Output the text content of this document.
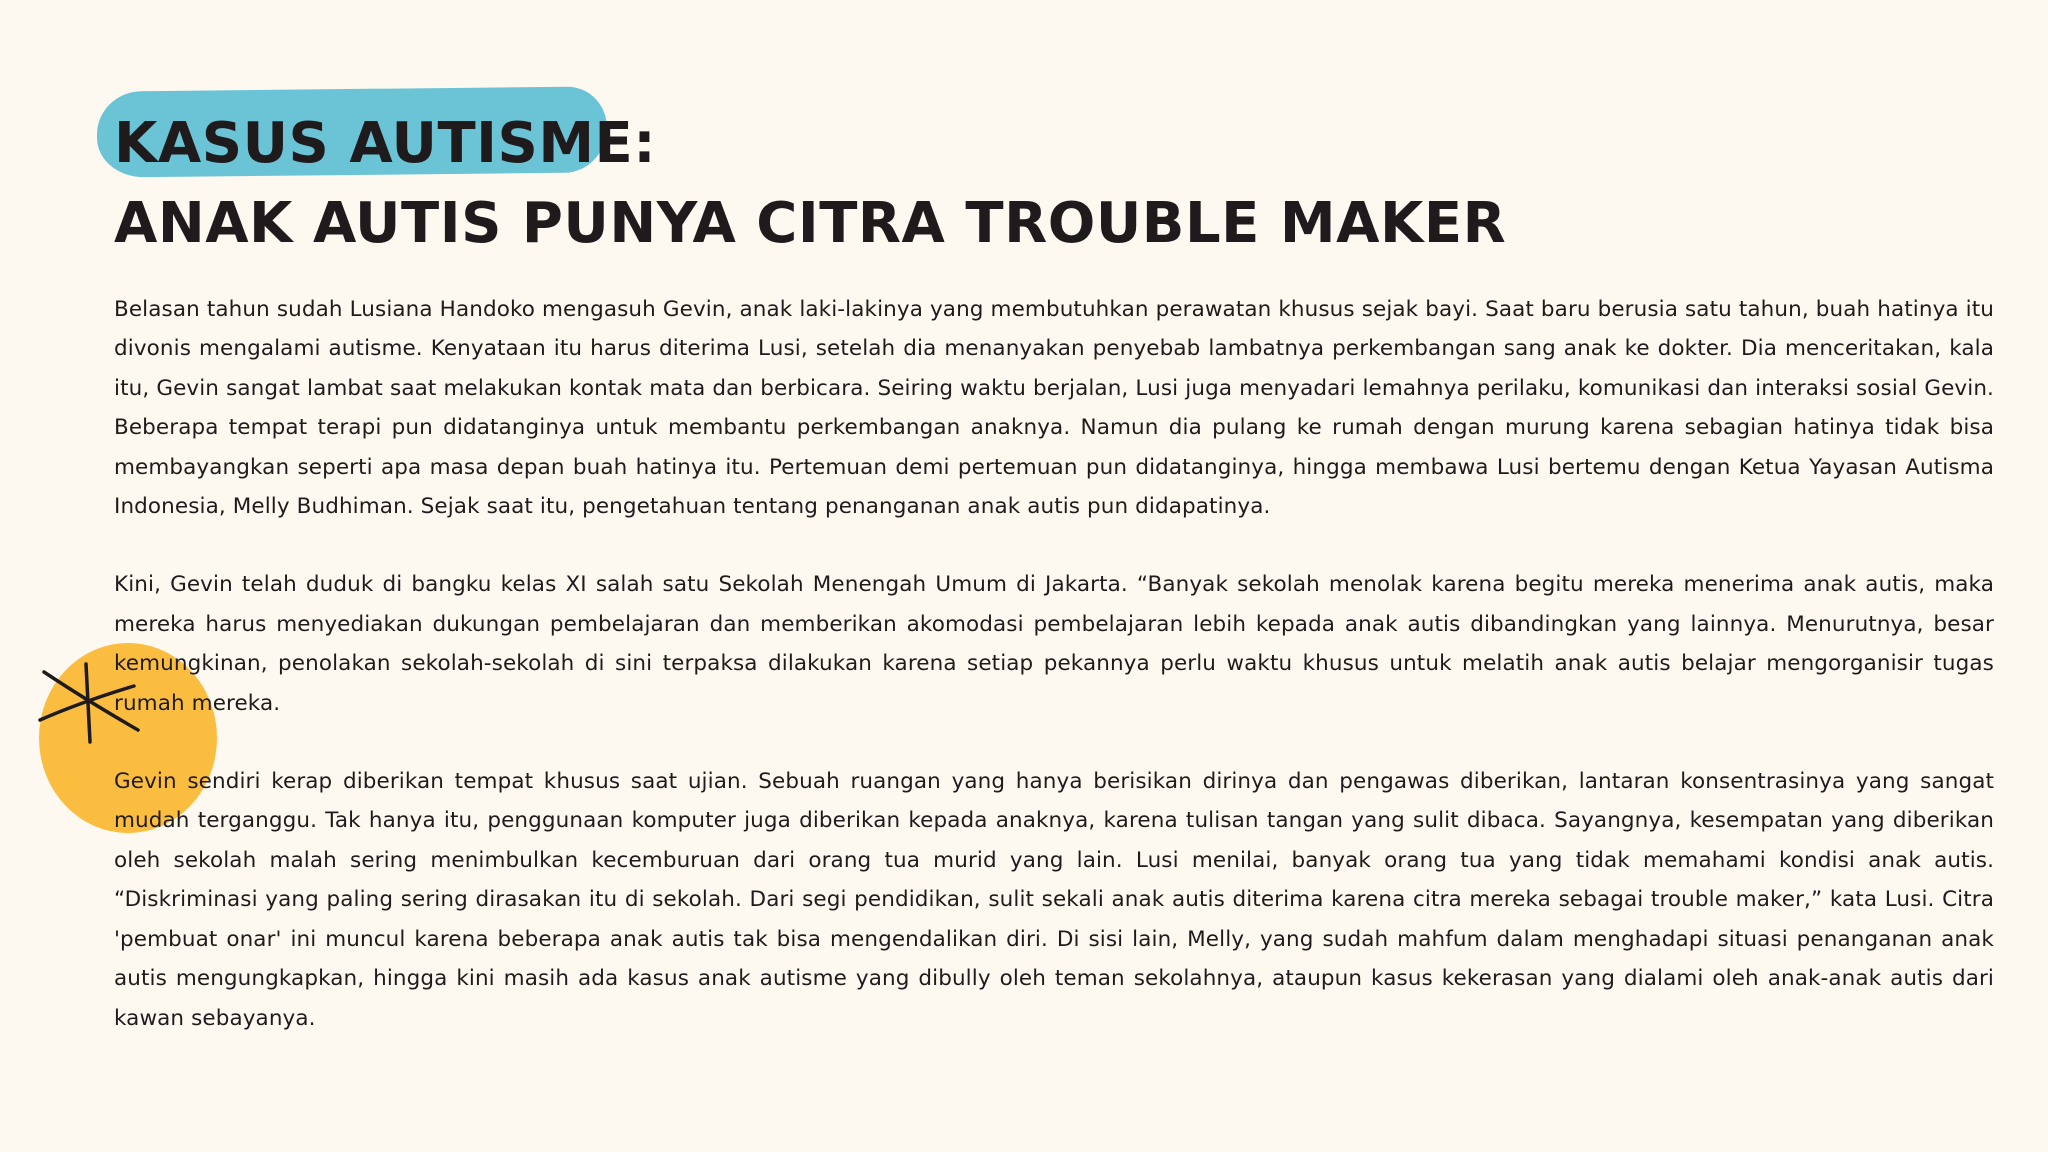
KASUS AUTISME:
ANAK AUTIS PUNYA CITRA TROUBLE MAKER

Belasan tahun sudah Lusiana Handoko mengasuh Gevin, anak laki-lakinya yang membutuhkan perawatan khusus sejak bayi. Saat baru berusia satu tahun, buah hatinya itu divonis mengalami autisme. Kenyataan itu harus diterima Lusi, setelah dia menanyakan penyebab lambatnya perkembangan sang anak ke dokter. Dia menceritakan, kala itu, Gevin sangat lambat saat melakukan kontak mata dan berbicara. Seiring waktu berjalan, Lusi juga menyadari lemahnya perilaku, komunikasi dan interaksi sosial Gevin. Beberapa tempat terapi pun didatanginya untuk membantu perkembangan anaknya. Namun dia pulang ke rumah dengan murung karena sebagian hatinya tidak bisa membayangkan seperti apa masa depan buah hatinya itu. Pertemuan demi pertemuan pun didatanginya, hingga membawa Lusi bertemu dengan Ketua Yayasan Autisma Indonesia, Melly Budhiman. Sejak saat itu, pengetahuan tentang penanganan anak autis pun didapatinya.

Kini, Gevin telah duduk di bangku kelas XI salah satu Sekolah Menengah Umum di Jakarta. “Banyak sekolah menolak karena begitu mereka menerima anak autis, maka mereka harus menyediakan dukungan pembelajaran dan memberikan akomodasi pembelajaran lebih kepada anak autis dibandingkan yang lainnya. Menurutnya, besar kemungkinan, penolakan sekolah-sekolah di sini terpaksa dilakukan karena setiap pekannya perlu waktu khusus untuk melatih anak autis belajar mengorganisir tugas rumah mereka.

Gevin sendiri kerap diberikan tempat khusus saat ujian. Sebuah ruangan yang hanya berisikan dirinya dan pengawas diberikan, lantaran konsentrasinya yang sangat mudah terganggu. Tak hanya itu, penggunaan komputer juga diberikan kepada anaknya, karena tulisan tangan yang sulit dibaca. Sayangnya, kesempatan yang diberikan oleh sekolah malah sering menimbulkan kecemburuan dari orang tua murid yang lain. Lusi menilai, banyak orang tua yang tidak memahami kondisi anak autis. “Diskriminasi yang paling sering dirasakan itu di sekolah. Dari segi pendidikan, sulit sekali anak autis diterima karena citra mereka sebagai trouble maker,” kata Lusi. Citra 'pembuat onar' ini muncul karena beberapa anak autis tak bisa mengendalikan diri. Di sisi lain, Melly, yang sudah mahfum dalam menghadapi situasi penanganan anak autis mengungkapkan, hingga kini masih ada kasus anak autisme yang dibully oleh teman sekolahnya, ataupun kasus kekerasan yang dialami oleh anak-anak autis dari kawan sebayanya.
